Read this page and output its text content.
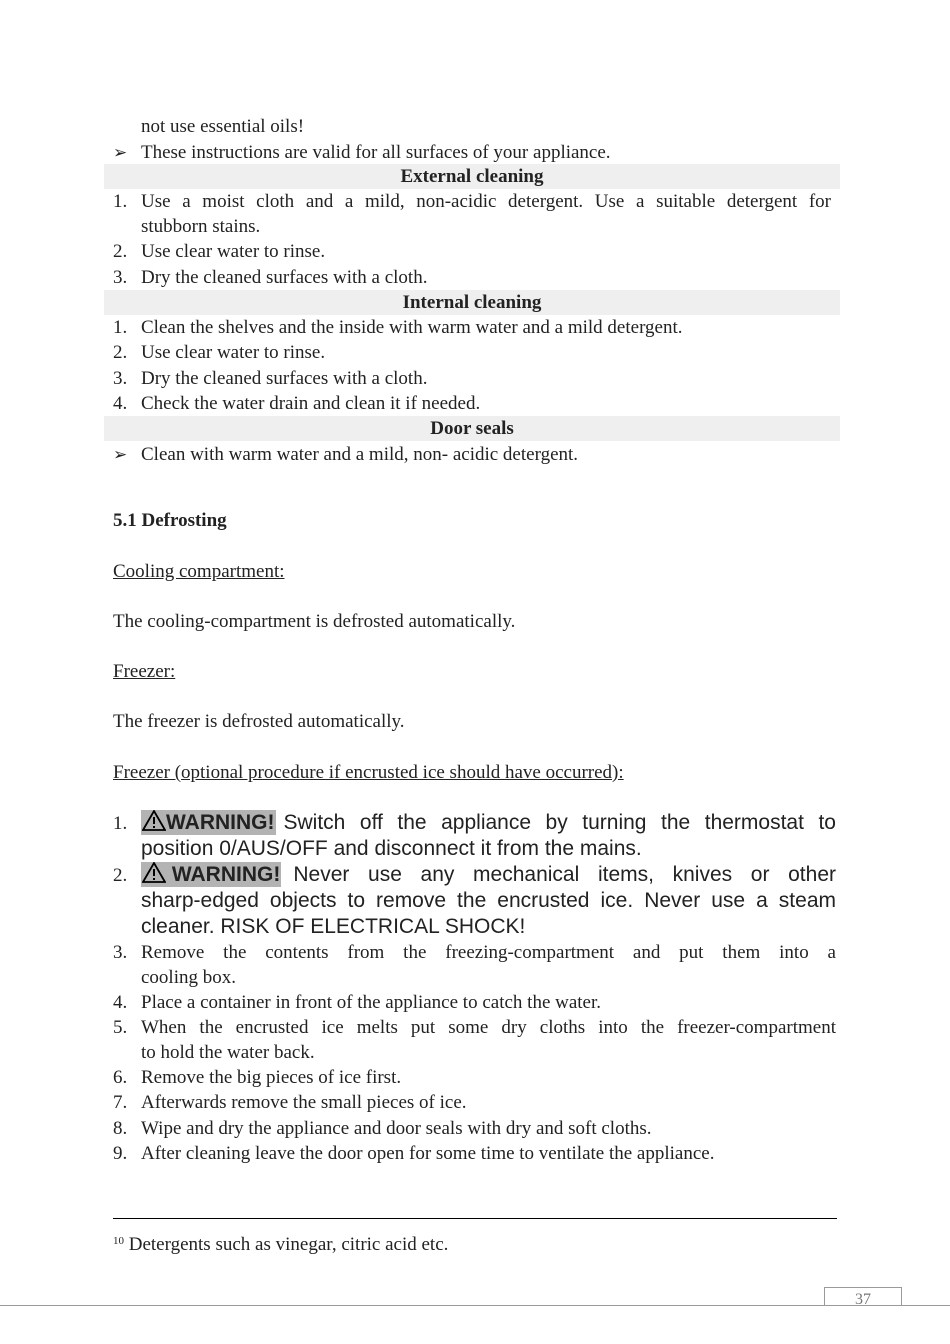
not use essential oils!
➢ These instructions are valid for all surfaces of your appliance.
External cleaning
1. Use a moist cloth and a mild, non-acidic detergent. Use a suitable detergent for
stubborn stains.
2. Use clear water to rinse.
3. Dry the cleaned surfaces with a cloth.
Internal cleaning
1. Clean the shelves and the inside with warm water and a mild detergent.
2. Use clear water to rinse.
3. Dry the cleaned surfaces with a cloth.
4. Check the water drain and clean it if needed.
Door seals
➢ Clean with warm water and a mild, non- acidic detergent.
5.1 Defrosting
Cooling compartment:
The cooling-compartment is defrosted automatically.
Freezer:
The freezer is defrosted automatically.
Freezer (optional procedure if encrusted ice should have occurred):
1.	WARNING! Switch off the appliance by turning the thermostat to
position 0/AUS/OFF and disconnect it from the mains.
2.	WARNING! Never use any mechanical items, knives or other
sharp-edged objects to remove the encrusted ice. Never use a steam
cleaner. RISK OF ELECTRICAL SHOCK!
3. Remove the contents from the freezing-compartment and put them into a
cooling box.
4. Place a container in front of the appliance to catch the water.
5. When the encrusted ice melts put some dry cloths into the freezer-compartment
to hold the water back.
6. Remove the big pieces of ice first.
7. Afterwards remove the small pieces of ice.
8. Wipe and dry the appliance and door seals with dry and soft cloths.
9. After cleaning leave the door open for some time to ventilate the appliance.
$^{10}$ Detergents such as vinegar, citric acid etc.
37
